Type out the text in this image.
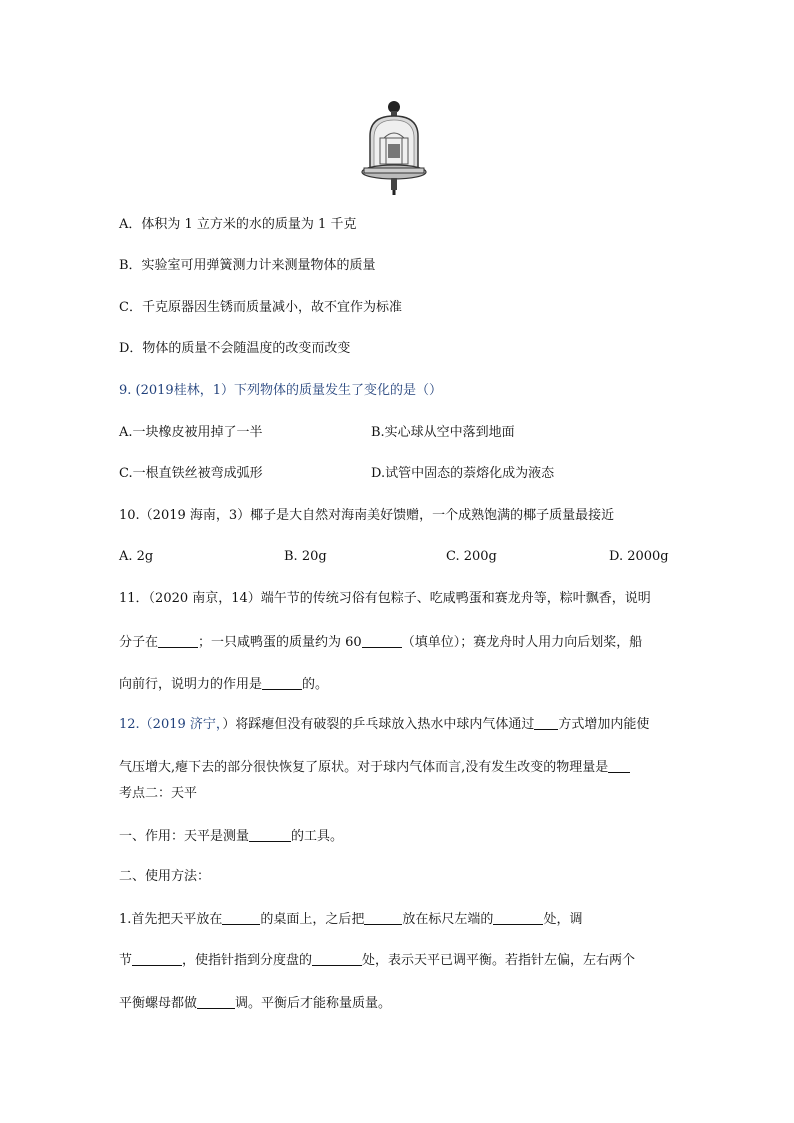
A．体积为 1 立方米的水的质量为 1 千克
B．实验室可用弹簧测力计来测量物体的质量
C．千克原器因生锈而质量减小，故不宜作为标准
D．物体的质量不会随温度的改变而改变
9. (2019桂林，1）下列物体的质量发生了变化的是（）
A.一块橡皮被用掉了一半	B.实心球从空中落到地面
C.一根直铁丝被弯成弧形	D.试管中固态的萘熔化成为液态
10.（2019 海南，3）椰子是大自然对海南美好馈赠，一个成熟饱满的椰子质量最接近
A. 2g	B. 20g	C. 200g	D. 2000g
11．（2020 南京，14）端午节的传统习俗有包粽子、吃咸鸭蛋和赛龙舟等，粽叶飘香，说明
分子在	；一只咸鸭蛋的质量约为 60	（填单位）；赛龙舟时人用力向后划桨，船
向前行，说明力的作用是	的。
12.（2019 济宁，）将踩瘪但没有破裂的乒乓球放入热水中球内气体通过 方式增加内能使
气压增大,瘪下去的部分很快恢复了原状。对于球内气体而言,没有发生改变的物理量是
考点二：天平
一、作用：天平是测量	的工具。
二、使用方法：
1.首先把天平放在	的桌面上，之后把	放在标尺左端的	处，调
节	，使指针指到分度盘的	处，表示天平已调平衡。若指针左偏，左右两个
平衡螺母都做	调。平衡后才能称量质量。
